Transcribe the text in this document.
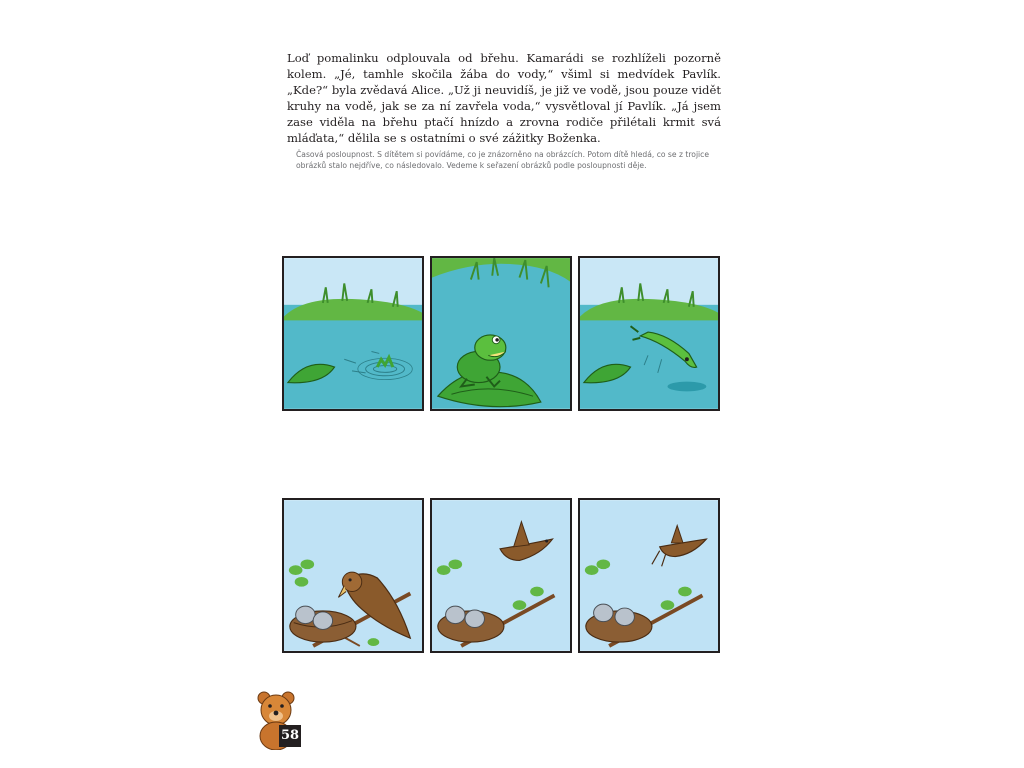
Loď pomalinku odplouvala od břehu. Kamarádi se rozhlíželi pozorně kolem. „Jé, tamhle skočila žába do vody,“ všiml si medvídek Pavlík. „Kde?“ byla zvědavá Alice. „Už ji neuvidíš, je již ve vodě, jsou pouze vidět kruhy na vodě, jak se za ní zavřela voda,“ vysvětloval jí Pavlík. „Já jsem zase viděla na břehu ptačí hnízdo a zrovna rodiče přilétali krmit svá mláďata,“ dělila se s ostatními o své zážitky Boženka.

Časová posloupnost. S dítětem si povídáme, co je znázorněno na obrázcích. Potom dítě hledá, co se z trojice obrázků stalo nejdříve, co následovalo. Vedeme k seřazení obrázků podle posloupnosti děje.

58
